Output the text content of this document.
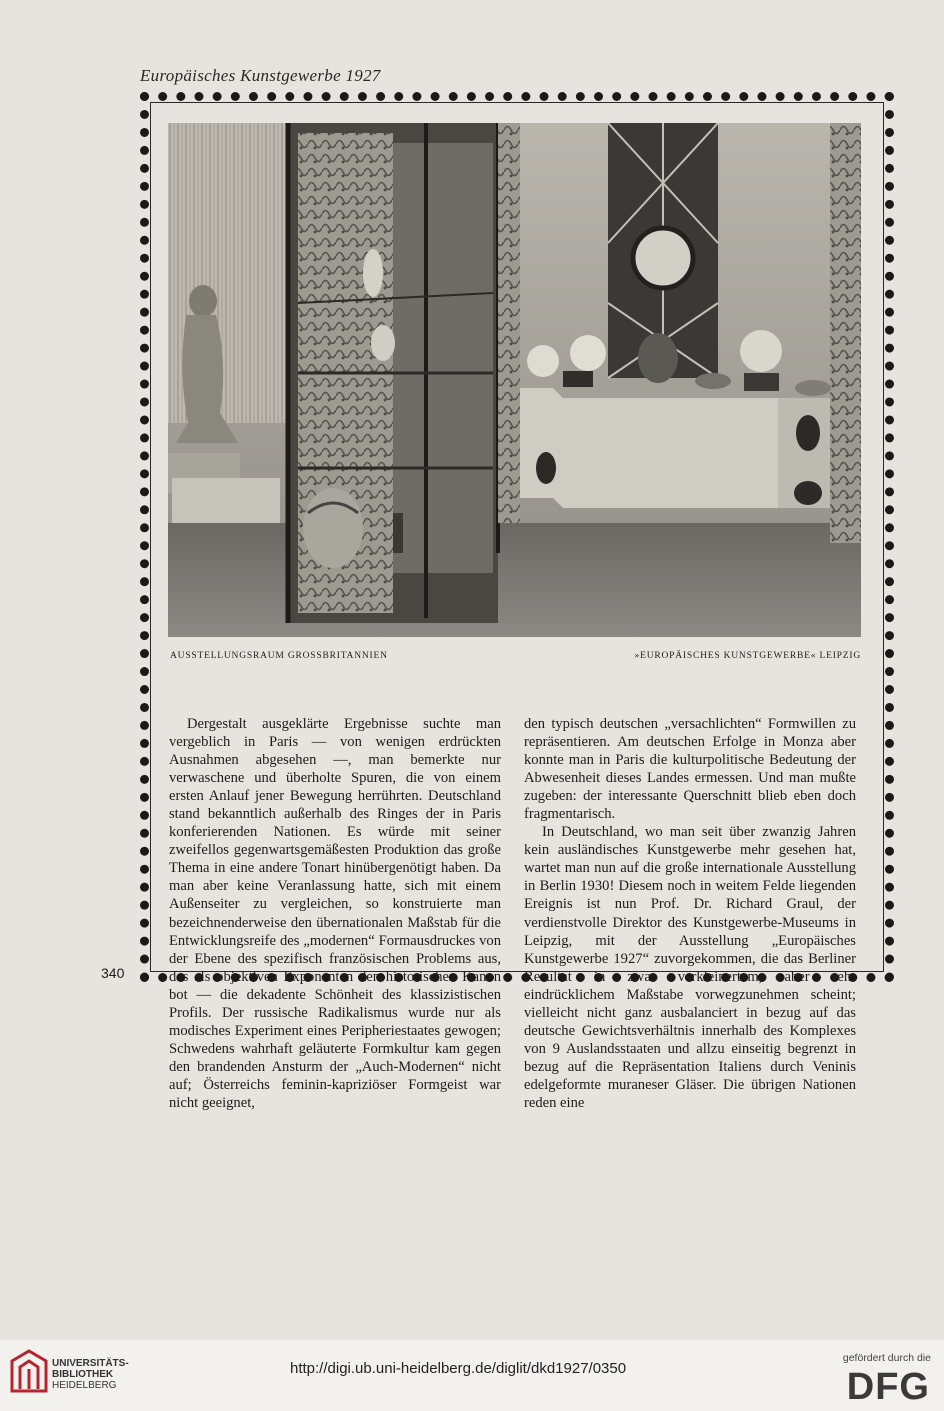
Europäisches Kunstgewerbe 1927
AUSSTELLUNGSRAUM GROSSBRITANNIEN	»EUROPÄISCHES KUNSTGEWERBE« LEIPZIG

Dergestalt ausgeklärte Ergebnisse suchte man vergeblich in Paris — von wenigen erdrückten Ausnahmen abgesehen —, man bemerkte nur verwaschene und überholte Spuren, die von einem ersten Anlauf jener Bewegung herrührten. Deutschland stand bekanntlich außerhalb des Ringes der in Paris konferierenden Nationen. Es würde mit seiner zweifellos gegenwartsgemäßesten Produktion das große Thema in eine andere Tonart hinübergenötigt haben. Da man aber keine Veranlassung hatte, sich mit einem Außenseiter zu vergleichen, so konstruierte man bezeichnenderweise den übernationalen Maßstab für die Entwicklungsreife des „modernen“ Formausdruckes von der Ebene des spezifisch französischen Problems aus, das als objektiven Exponenten den historischen Kanon bot — die dekadente Schönheit des klassizistischen Profils. Der russische Radikalismus wurde nur als modisches Experiment eines Peripheriestaates gewogen; Schwedens wahrhaft geläuterte Formkultur kam gegen den brandenden Ansturm der „Auch-Modernen“ nicht auf; Österreichs feminin-kapriziöser Formgeist war nicht geeignet,

den typisch deutschen „versachlichten“ Formwillen zu repräsentieren. Am deutschen Erfolge in Monza aber konnte man in Paris die kulturpolitische Bedeutung der Abwesenheit dieses Landes ermessen. Und man mußte zugeben: der interessante Querschnitt blieb eben doch fragmentarisch.

In Deutschland, wo man seit über zwanzig Jahren kein ausländisches Kunstgewerbe mehr gesehen hat, wartet man nun auf die große internationale Ausstellung in Berlin 1930! Diesem noch in weitem Felde liegenden Ereignis ist nun Prof. Dr. Richard Graul, der verdienstvolle Direktor des Kunstgewerbe-Museums in Leipzig, mit der Ausstellung „Europäisches Kunstgewerbe 1927“ zuvorgekommen, die das Berliner Resultat in zwar verkleinertem, aber sehr eindrücklichem Maßstabe vorwegzunehmen scheint; vielleicht nicht ganz ausbalanciert in bezug auf das deutsche Gewichtsverhältnis innerhalb des Komplexes von 9 Auslandsstaaten und allzu einseitig begrenzt in bezug auf die Repräsentation Italiens durch Veninis edelgeformte muraneser Gläser. Die übrigen Nationen reden eine

340
UNIVERSITÄTS-
BIBLIOTHEK
HEIDELBERG
http://digi.ub.uni-heidelberg.de/diglit/dkd1927/0350
gefördert durch die
DFG
